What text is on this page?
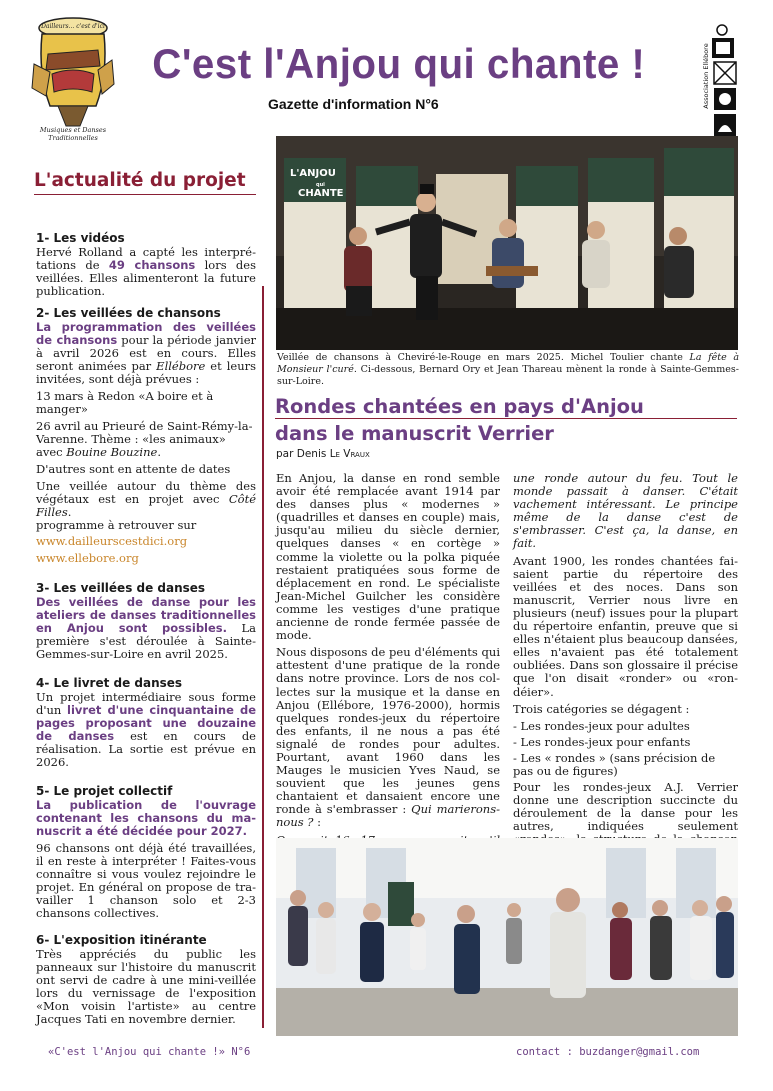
Dailleurs... c'est d'ici
Musiques et Danses Traditionnelles
Association Ellébore
C'est l'Anjou qui chante !
Gazette d'information N°6
L'actualité du projet
1- Les vidéos

Hervé Rolland a capté les interprétations de 49 chansons lors des veillées. Elles alimenteront la future publication.

2- Les veillées de chansons

La programmation des veillées de chansons pour la période janvier à avril 2026 est en cours. Elles seront animées par Ellébore et leurs invitées, sont déjà prévues :

13 mars à Redon «A boire et à manger»

26 avril au Prieuré de Saint-Rémy-la-Varenne. Thème : «les animaux» avec Bouine Bouzine.

D'autres sont en attente de dates

Une veillée autour du thème des végétaux est en projet avec Côté Filles.

programme à retrouver sur

www.dailleurscestdici.org
www.ellebore.org
3- Les veillées de danses

Des veillées de danse pour les ateliers de danses traditionnelles en Anjou sont possibles. La première s'est déroulée à Sainte-Gemmes-sur-Loire en avril 2025.

4- Le livret de danses

Un projet intermédiaire sous forme d'un livret d'une cinquantaine de pages proposant une douzaine de danses est en cours de réalisation. La sortie est prévue en 2026.

5- Le projet collectif

La publication de l'ouvrage contenant les chansons du manuscrit a été décidée pour 2027.

96 chansons ont déjà été travaillées, il en reste à interpréter ! Faites-vous connaître si vous voulez rejoindre le projet. En général on propose de travailler 1 chanson solo et 2-3 chansons collectives.

6- L'exposition itinérante

Très appréciés du public les panneaux sur l'histoire du manuscrit ont servi de cadre à une mini-veillée lors du vernissage de l'exposition «Mon voisin l'artiste» au centre Jacques Tati en novembre dernier.

L'ANJOU
qui
CHANTE
Veillée de chansons à Cheviré-le-Rouge en mars 2025. Michel Toulier chante La fête à Monsieur l'curé. Ci-dessous, Bernard Ory et Jean Thareau mènent la ronde à Sainte-Gemmes-sur-Loire.
Rondes chantées en pays d'Anjou
dans le manuscrit Verrier
par Denis Le Vraux

En Anjou, la danse en rond semble avoir été remplacée avant 1914 par des danses plus « modernes » (quadrilles et danses en couple) mais, jusqu'au milieu du siècle dernier, quelques danses « en cortège » comme la violette ou la polka piquée restaient pratiquées sous forme de déplacement en rond. Le spécialiste Jean-Michel Guilcher les considère comme les vestiges d'une pratique ancienne de ronde fermée passée de mode.

Nous disposons de peu d'éléments qui attestent d'une pratique de la ronde dans notre province. Lors de nos collectes sur la musique et la danse en Anjou (Ellébore, 1976-2000), hormis quelques rondes-jeux du répertoire des enfants, il ne nous a pas été signalé de rondes pour adultes. Pourtant, avant 1960 dans les Mauges le musicien Yves Naud, se souvient que les jeunes gens chantaient et dansaient encore une ronde à s'embrasser : Qui marierons-nous ? :

une ronde autour du feu. Tout le monde passait à danser. C'était vachement intéressant. Le principe même de la danse c'est de s'embrasser. C'est ça, la danse, en fait.

Avant 1900, les rondes chantées faisaient partie du répertoire des veillées et des noces. Dans son manuscrit, Verrier nous livre en plusieurs (neuf) issues pour la plupart du répertoire enfantin, preuve que si elles n'étaient plus beaucoup dansées, elles n'avaient pas été totalement oubliées. Dans son glossaire il précise que l'on disait «ronder» ou «rondéier».

Trois catégories se dégagent :

- Les rondes-jeux pour adultes

- Les rondes-jeux pour enfants

- Les « rondes » (sans précision de pas ou de figures)

Pour les rondes-jeux A.J. Verrier donne une description succincte du déroulement de la danse pour les autres, indiquées seulement

«C'est l'Anjou qui chante !» N°6	contact : buzdanger@gmail.com
